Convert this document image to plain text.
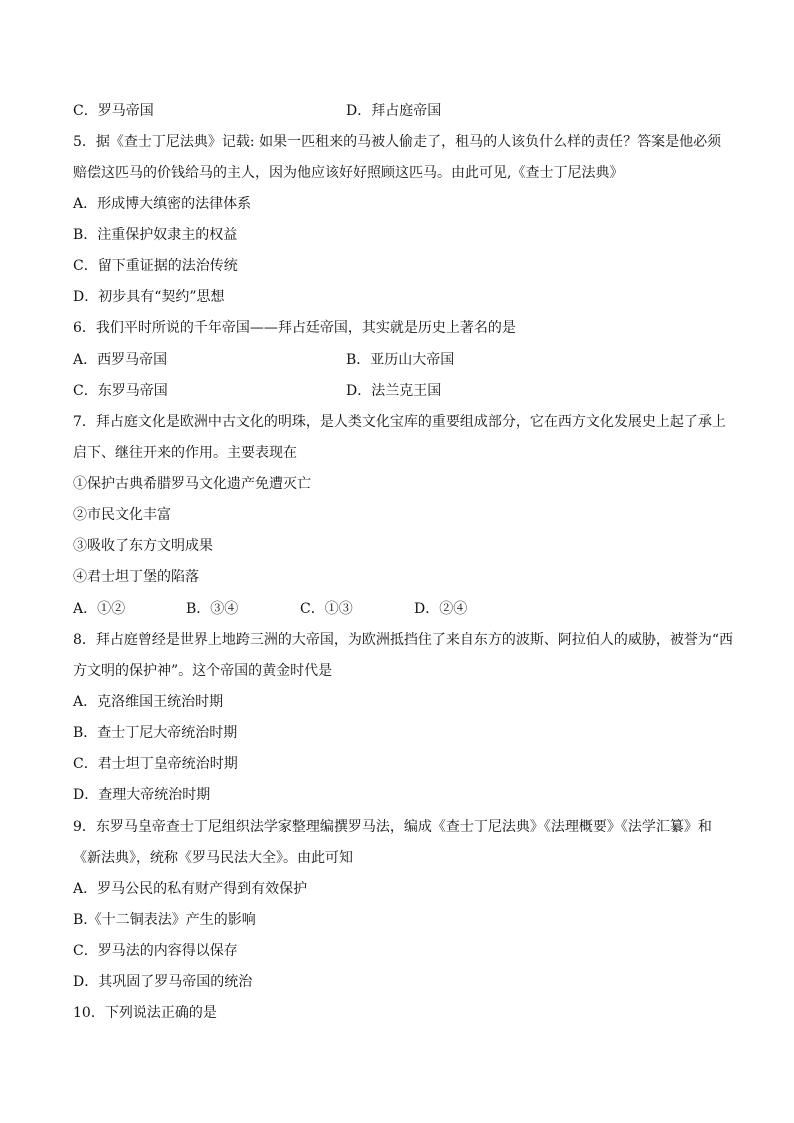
C．罗马帝国	D．拜占庭帝国
5．据《查士丁尼法典》记载: 如果一匹租来的马被人偷走了，租马的人该负什么样的责任？答案是他必须
赔偿这匹马的价钱给马的主人，因为他应该好好照顾这匹马。由此可见,《查士丁尼法典》
A．形成博大缜密的法律体系
B．注重保护奴隶主的权益
C．留下重证据的法治传统
D．初步具有“契约”思想
6．我们平时所说的千年帝国——拜占廷帝国，其实就是历史上著名的是
A．西罗马帝国	B．亚历山大帝国
C．东罗马帝国	D．法兰克王国
7．拜占庭文化是欧洲中古文化的明珠，是人类文化宝库的重要组成部分，它在西方文化发展史上起了承上
启下、继往开来的作用。主要表现在
①保护古典希腊罗马文化遗产免遭灭亡
②市民文化丰富
③吸收了东方文明成果
④君士坦丁堡的陷落
A．①②	B．③④	C．①③	D．②④
8．拜占庭曾经是世界上地跨三洲的大帝国，为欧洲抵挡住了来自东方的波斯、阿拉伯人的威胁，被誉为“西
方文明的保护神”。这个帝国的黄金时代是
A．克洛维国王统治时期
B．查士丁尼大帝统治时期
C．君士坦丁皇帝统治时期
D．查理大帝统治时期
9．东罗马皇帝查士丁尼组织法学家整理编撰罗马法，编成《查士丁尼法典》《法理概要》《法学汇纂》和
《新法典》，统称《罗马民法大全》。由此可知
A．罗马公民的私有财产得到有效保护
B.《十二铜表法》产生的影响
C．罗马法的内容得以保存
D．其巩固了罗马帝国的统治
10．下列说法正确的是
